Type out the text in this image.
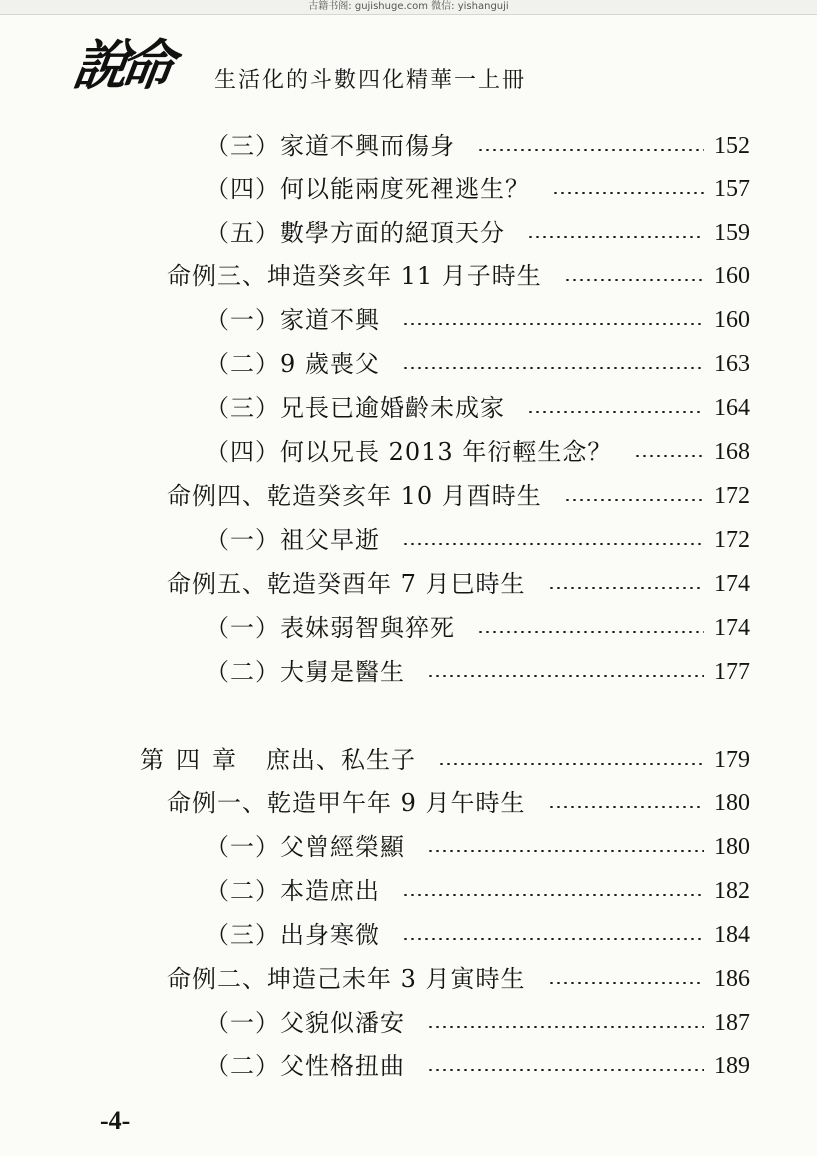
古籍书阁: gujishuge.com 微信: yishanguji
說命 生活化的斗數四化精華一上冊
（三）家道不興而傷身	152
（四）何以能兩度死裡逃生？	157
（五）數學方面的絕頂天分	159
命例三、坤造癸亥年 11 月子時生	160
（一）家道不興	160
（二）9 歲喪父	163
（三）兄長已逾婚齡未成家	164
（四）何以兄長 2013 年衍輕生念？	168
命例四、乾造癸亥年 10 月酉時生	172
（一）祖父早逝	172
命例五、乾造癸酉年 7 月巳時生	174
（一）表妹弱智與猝死	174
（二）大舅是醫生	177
第四章 庶出、私生子	179
命例一、乾造甲午年 9 月午時生	180
（一）父曾經榮顯	180
（二）本造庶出	182
（三）出身寒微	184
命例二、坤造己未年 3 月寅時生	186
（一）父貌似潘安	187
（二）父性格扭曲	189
-4-
